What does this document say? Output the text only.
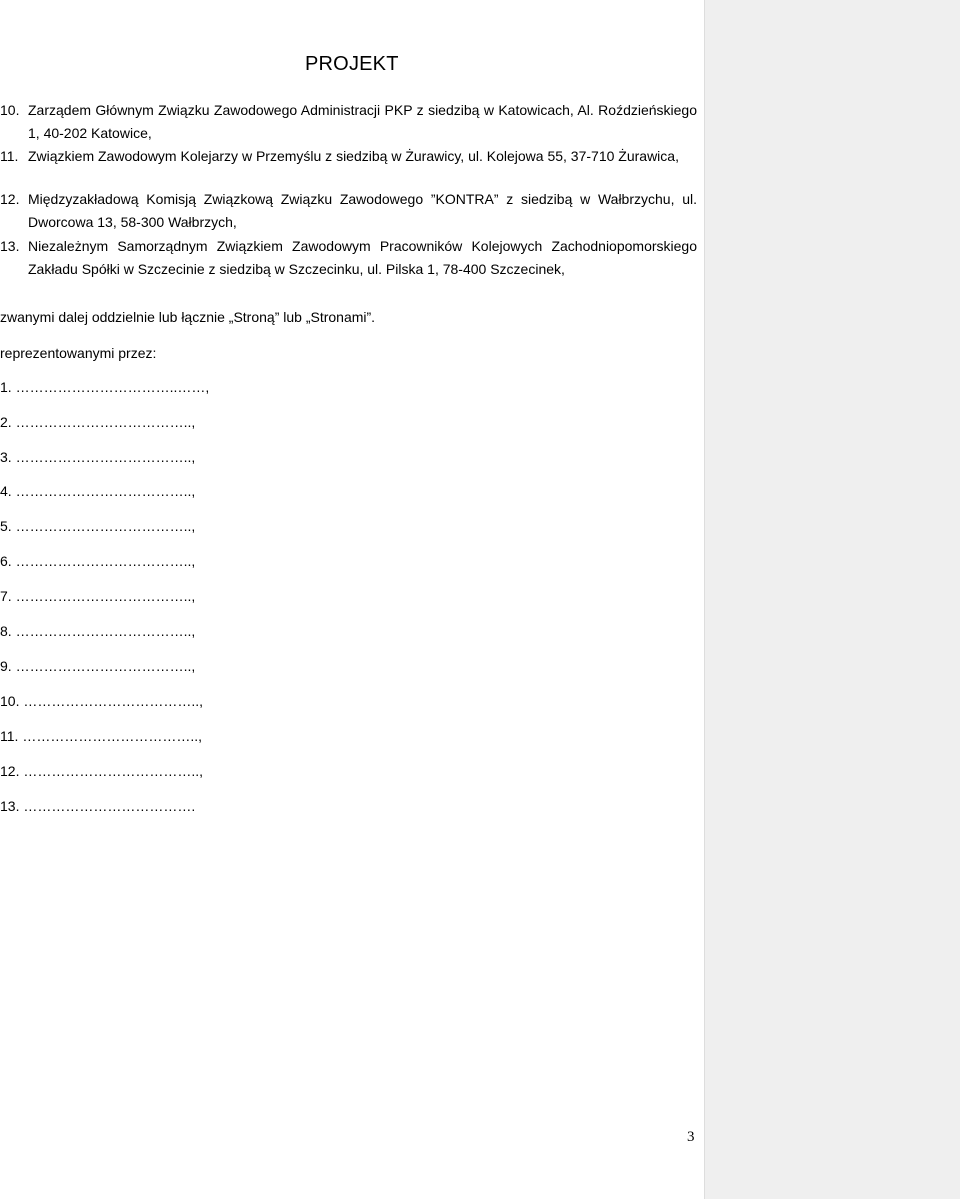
PROJEKT
10. Zarządem Głównym Związku Zawodowego Administracji PKP z siedzibą w Katowicach, Al. Roździeńskiego 1, 40-202 Katowice,
11. Związkiem Zawodowym Kolejarzy w Przemyślu z siedzibą w Żurawicy, ul. Kolejowa 55, 37-710 Żurawica,
12. Międzyzakładową Komisją Związkową Związku Zawodowego ”KONTRA” z siedzibą w Wałbrzychu, ul. Dworcowa 13, 58-300 Wałbrzych,
13. Niezależnym Samorządnym Związkiem Zawodowym Pracowników Kolejowych Zachodniopomorskiego Zakładu Spółki w Szczecinie z siedzibą w Szczecinku, ul. Pilska 1, 78-400 Szczecinek,
zwanymi dalej oddzielnie lub łącznie „Stroną” lub „Stronami”.
reprezentowanymi przez:
1. ……………………………..……,
2. ………………………………..,
3. ………………………………..,
4. ………………………………..,
5. ………………………………..,
6. ………………………………..,
7. ………………………………..,
8. ………………………………..,
9. ………………………………..,
10. ………………………………..,
11. ………………………………..,
12. ………………………………..,
13. ……………………………….
3
